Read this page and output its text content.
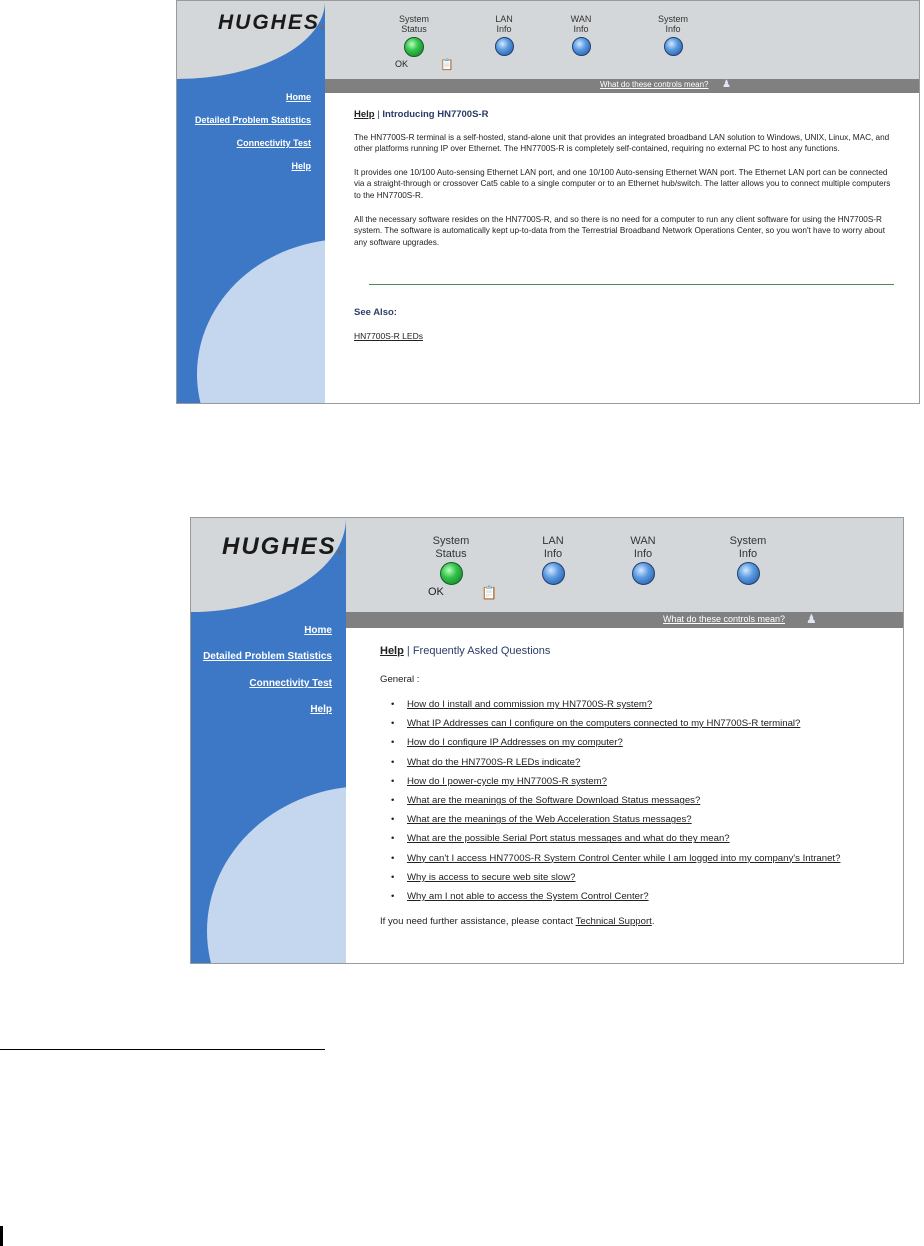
Home
Detailed Problem Statistics
Connectivity Test
Help
HUGHES.	System
Status
LAN
Info
WAN
Info
System
Info
OK	📋
What do these controls mean? ♟
Help | Introducing HN7700S-R

The HN7700S-R terminal is a self-hosted, stand-alone unit that provides an integrated broadband LAN solution to Windows, UNIX, Linux, MAC, and other platforms running IP over Ethernet. The HN7700S-R is completely self-contained, requiring no external PC to host any functions.

It provides one 10/100 Auto-sensing Ethernet LAN port, and one 10/100 Auto-sensing Ethernet WAN port. The Ethernet LAN port can be connected via a straight-through or crossover Cat5 cable to a single computer or to an Ethernet hub/switch. The latter allows you to connect multiple computers to the HN7700S-R.

All the necessary software resides on the HN7700S-R, and so there is no need for a computer to run any client software for using the HN7700S-R system. The software is automatically kept up-to-data from the Terrestrial Broadband Network Operations Center, so you won't have to worry about any software upgrades.

See Also:
HN7700S-R LEDs
Home
Detailed Problem Statistics
Connectivity Test
Help
HUGHES.	System
Status
LAN
Info
WAN
Info
System
Info
OK	📋
What do these controls mean? ♟
Help | Frequently Asked Questions

General :

• How do I install and commission my HN7700S-R system?
• What IP Addresses can I configure on the computers connected to my HN7700S-R terminal?
• How do I configure IP Addresses on my computer?
• What do the HN7700S-R LEDs indicate?
• How do I power-cycle my HN7700S-R system?
• What are the meanings of the Software Download Status messages?
• What are the meanings of the Web Acceleration Status messages?
• What are the possible Serial Port status messages and what do they mean?
• Why can't I access HN7700S-R System Control Center while I am logged into my company's Intranet?
• Why is access to secure web site slow?
• Why am I not able to access the System Control Center?

If you need further assistance, please contact Technical Support.
